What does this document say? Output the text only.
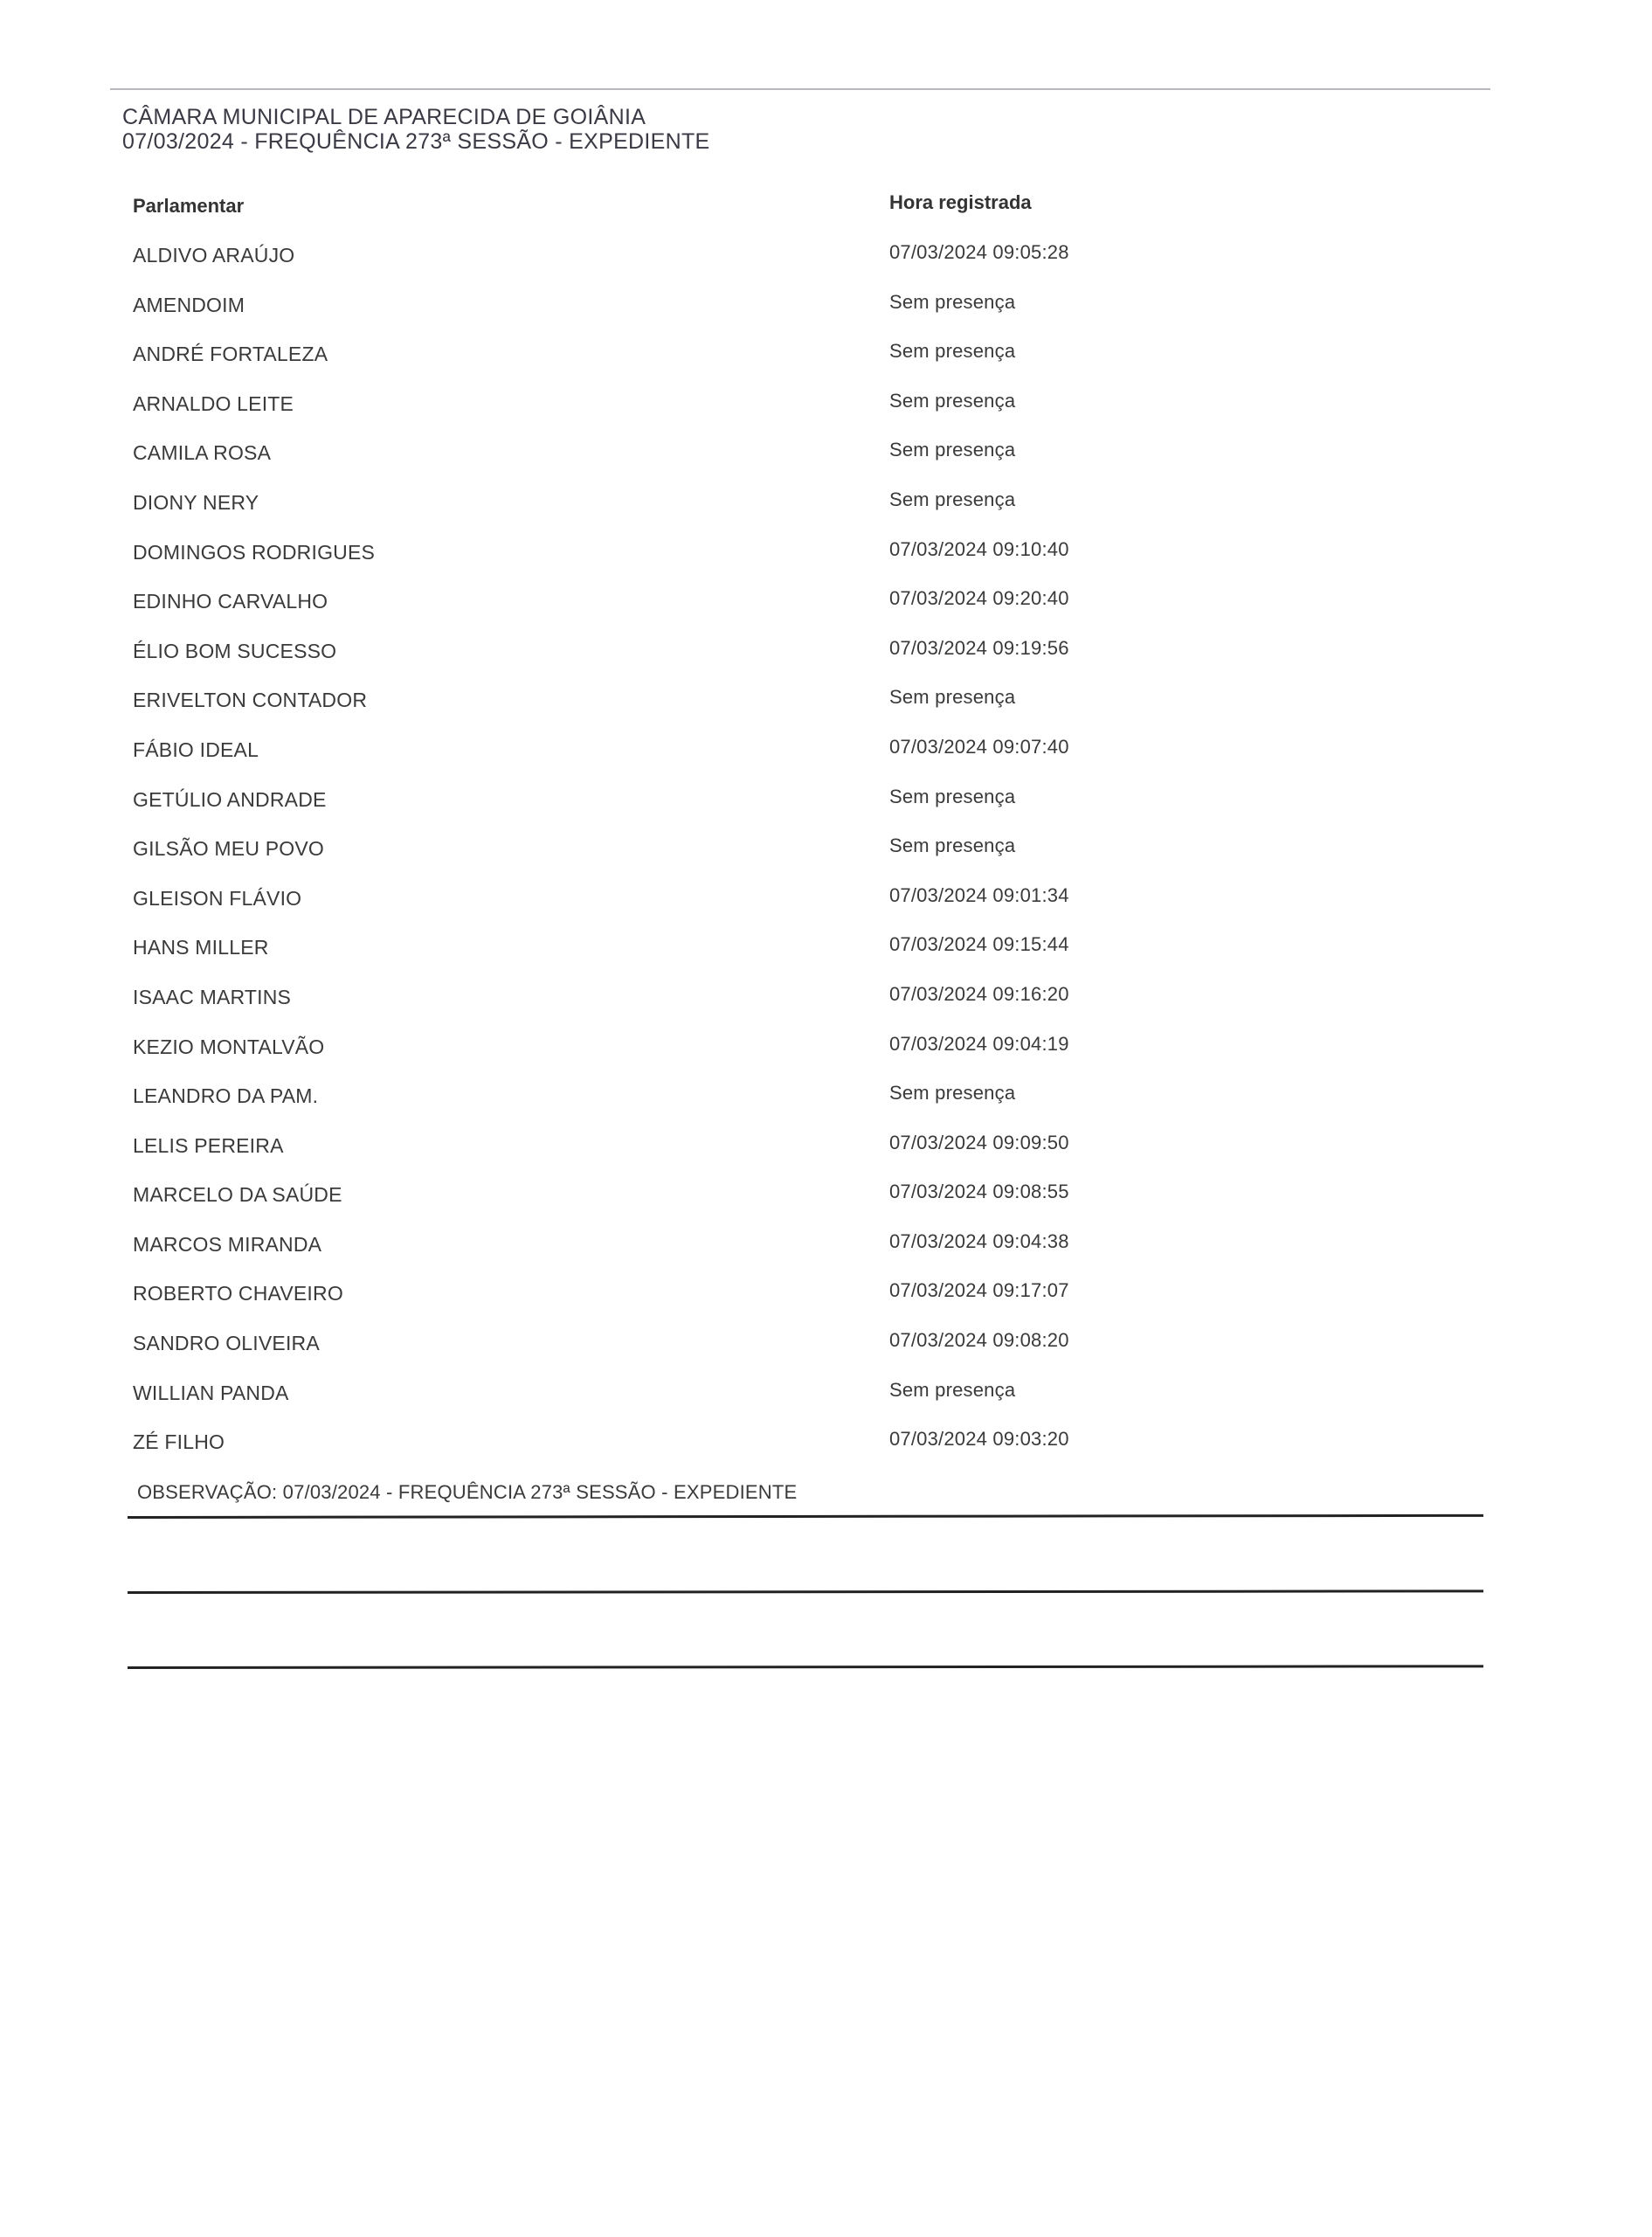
CÂMARA MUNICIPAL DE APARECIDA DE GOIÂNIA
07/03/2024 - FREQUÊNCIA 273ª SESSÃO - EXPEDIENTE
Parlamentar	Hora registrada
ALDIVO ARAÚJO	07/03/2024 09:05:28
AMENDOIM	Sem presença
ANDRÉ FORTALEZA	Sem presença
ARNALDO LEITE	Sem presença
CAMILA ROSA	Sem presença
DIONY NERY	Sem presença
DOMINGOS RODRIGUES	07/03/2024 09:10:40
EDINHO CARVALHO	07/03/2024 09:20:40
ÉLIO BOM SUCESSO	07/03/2024 09:19:56
ERIVELTON CONTADOR	Sem presença
FÁBIO IDEAL	07/03/2024 09:07:40
GETÚLIO ANDRADE	Sem presença
GILSÃO MEU POVO	Sem presença
GLEISON FLÁVIO	07/03/2024 09:01:34
HANS MILLER	07/03/2024 09:15:44
ISAAC MARTINS	07/03/2024 09:16:20
KEZIO MONTALVÃO	07/03/2024 09:04:19
LEANDRO DA PAM.	Sem presença
LELIS PEREIRA	07/03/2024 09:09:50
MARCELO DA SAÚDE	07/03/2024 09:08:55
MARCOS MIRANDA	07/03/2024 09:04:38
ROBERTO CHAVEIRO	07/03/2024 09:17:07
SANDRO OLIVEIRA	07/03/2024 09:08:20
WILLIAN PANDA	Sem presença
ZÉ FILHO	07/03/2024 09:03:20
OBSERVAÇÃO: 07/03/2024 - FREQUÊNCIA 273ª SESSÃO - EXPEDIENTE
